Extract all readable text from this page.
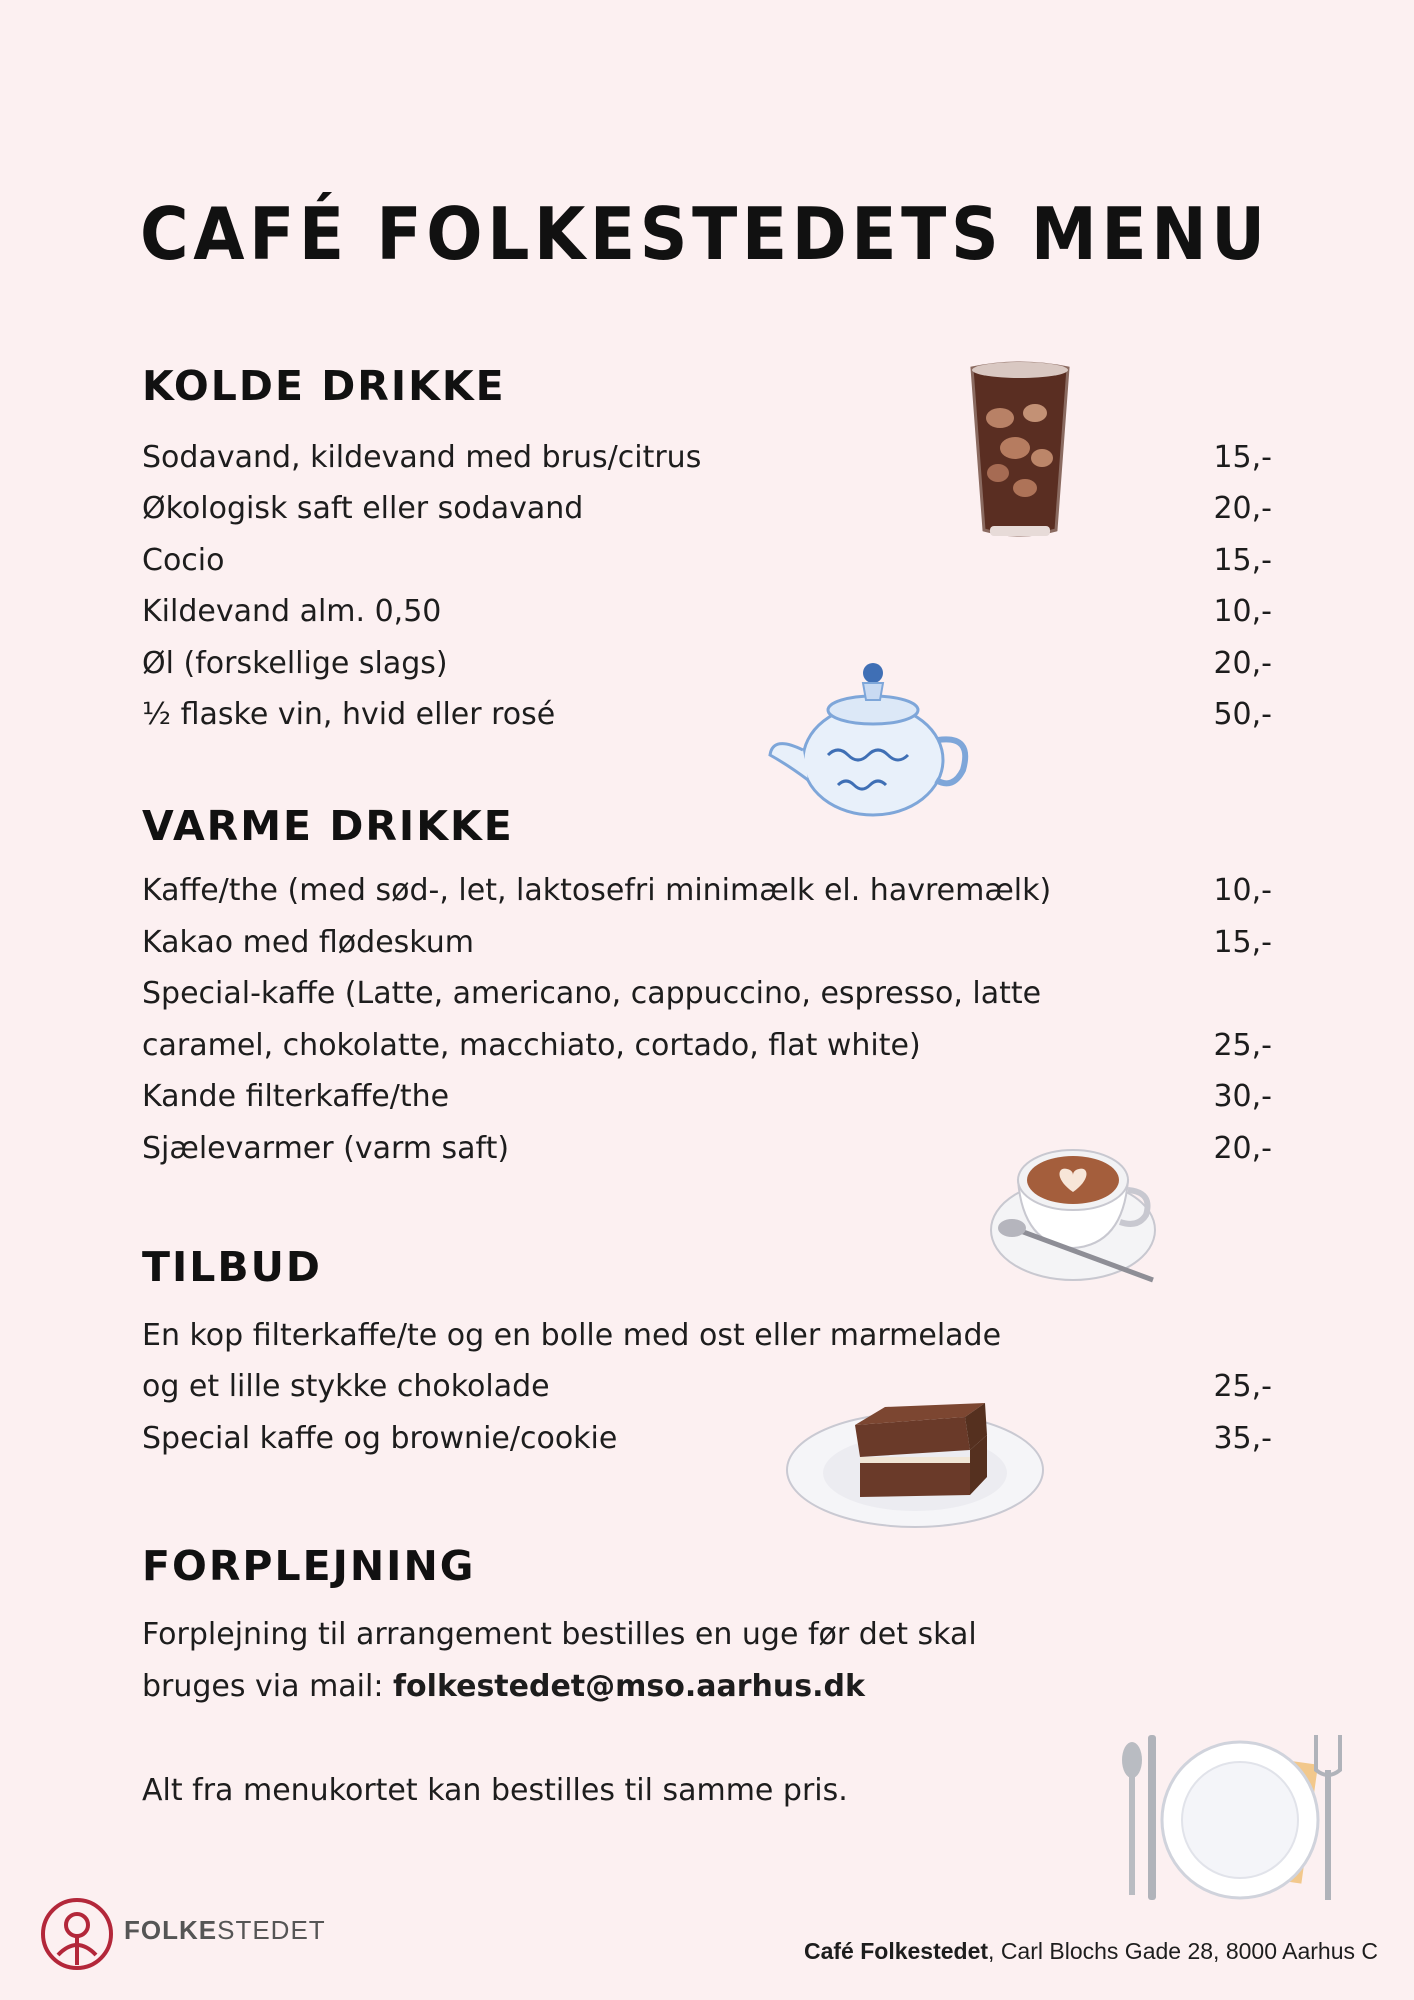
CAFÉ FOLKESTEDETS MENU
KOLDE DRIKKE
Sodavand, kildevand med brus/citrus	15,-
Økologisk saft eller sodavand	20,-
Cocio	15,-
Kildevand alm. 0,50	10,-
Øl (forskellige slags)	20,-
½ flaske vin, hvid eller rosé	50,-
VARME DRIKKE
Kaffe/the (med sød-, let, laktosefri minimælk el. havremælk)	10,-
Kakao med flødeskum	15,-
Special-kaffe (Latte, americano, cappuccino, espresso, latte
caramel, chokolatte, macchiato, cortado, flat white)	25,-
Kande filterkaffe/the	30,-
Sjælevarmer (varm saft)	20,-
TILBUD
En kop filterkaffe/te og en bolle med ost eller marmelade
og et lille stykke chokolade	25,-
Special kaffe og brownie/cookie	35,-
FORPLEJNING
Forplejning til arrangement bestilles en uge før det skal
bruges via mail: folkestedet@mso.aarhus.dk
Alt fra menukortet kan bestilles til samme pris.
FOLKESTEDET
Café Folkestedet, Carl Blochs Gade 28, 8000 Aarhus C
